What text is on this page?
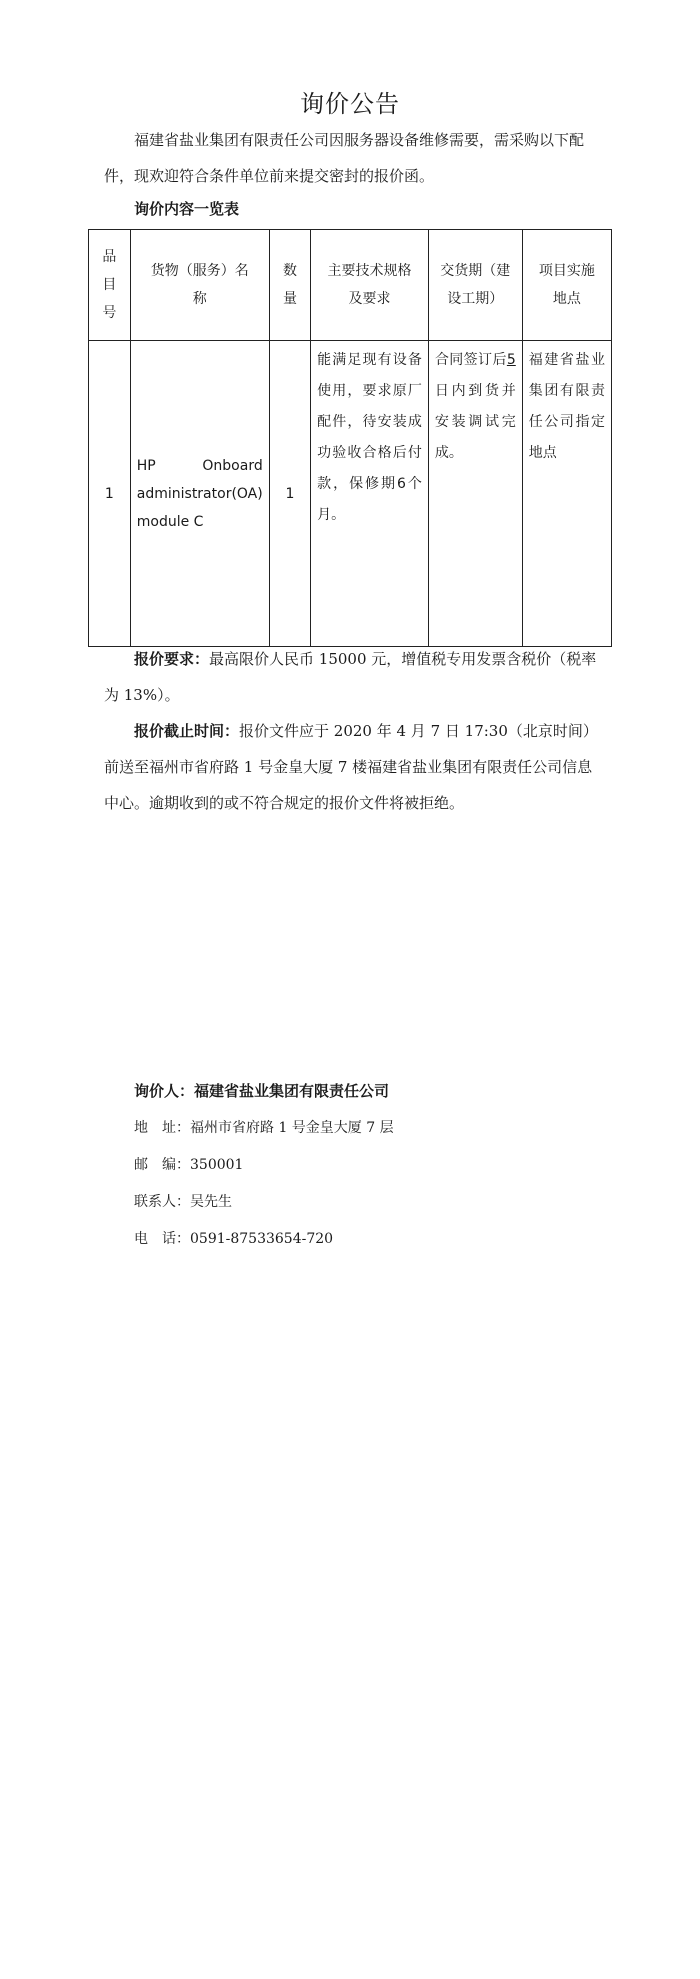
询价公告
福建省盐业集团有限责任公司因服务器设备维修需要，需采购以下配件，现欢迎符合条件单位前来提交密封的报价函。
询价内容一览表
品目号	货物（服务）名称	数量	主要技术规格及要求	交货期（建设工期）	项目实施地点
1	HP Onboard administrator(OA) module C	1	能满足现有设备使用，要求原厂配件，待安装成功验收合格后付款，保修期6个月。	合同签订后5日内到货并安装调试完成。	福建省盐业集团有限责任公司指定地点
报价要求：最高限价人民币 15000 元，增值税专用发票含税价（税率为 13%）。
报价截止时间：报价文件应于 2020 年 4 月 7 日 17:30（北京时间）前送至福州市省府路 1 号金皇大厦 7 楼福建省盐业集团有限责任公司信息中心。逾期收到的或不符合规定的报价文件将被拒绝。
询价人：福建省盐业集团有限责任公司
地　址：福州市省府路 1 号金皇大厦 7 层
邮　编：350001
联系人：吴先生
电　话：0591-87533654-720
